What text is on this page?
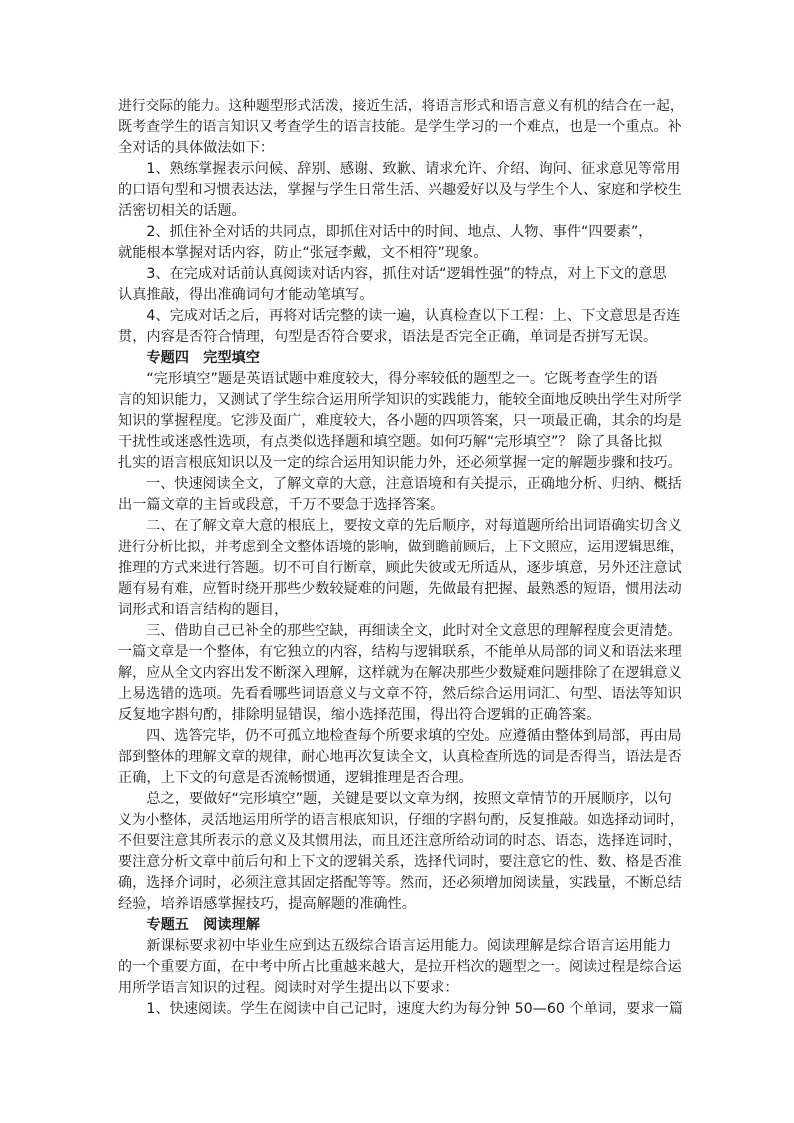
进行交际的能力。这种题型形式活泼，接近生活，将语言形式和语言意义有机的结合在一起，
既考查学生的语言知识又考查学生的语言技能。是学生学习的一个难点，也是一个重点。补
全对话的具体做法如下：
　　1、熟练掌握表示问候、辞别、感谢、致歉、请求允许、介绍、询问、征求意见等常用
的口语句型和习惯表达法，掌握与学生日常生活、兴趣爱好以及与学生个人、家庭和学校生
活密切相关的话题。
　　2、抓住补全对话的共同点，即抓住对话中的时间、地点、人物、事件“四要素”，
就能根本掌握对话内容，防止“张冠李戴，文不相符”现象。
　　3、在完成对话前认真阅读对话内容，抓住对话“逻辑性强”的特点，对上下文的意思
认真推敲，得出准确词句才能动笔填写。
　　4、完成对话之后，再将对话完整的读一遍，认真检查以下工程：上、下文意思是否连
贯，内容是否符合情理，句型是否符合要求，语法是否完全正确，单词是否拼写无误。
　　专题四　完型填空
　　“完形填空”题是英语试题中难度较大，得分率较低的题型之一。它既考查学生的语
言的知识能力，又测试了学生综合运用所学知识的实践能力，能较全面地反映出学生对所学
知识的掌握程度。它涉及面广，难度较大，各小题的四项答案，只一项最正确，其余的均是
干扰性或迷惑性选项，有点类似选择题和填空题。如何巧解“完形填空”？ 除了具备比拟
扎实的语言根底知识以及一定的综合运用知识能力外，还必须掌握一定的解题步骤和技巧。
　　一、快速阅读全文，了解文章的大意，注意语境和有关提示，正确地分析、归纳、概括
出一篇文章的主旨或段意，千万不要急于选择答案。
　　二、在了解文章大意的根底上，要按文章的先后顺序，对每道题所给出词语确实切含义
进行分析比拟，并考虑到全文整体语境的影响，做到瞻前顾后，上下文照应，运用逻辑思维，
推理的方式来进行答题。切不可自行断章，顾此失彼或无所适从，逐步填意，另外还注意试
题有易有难，应暂时绕开那些少数较疑难的问题，先做最有把握、最熟悉的短语，惯用法动
词形式和语言结构的题目，
　　三、借助自己已补全的那些空缺，再细读全文，此时对全文意思的理解程度会更清楚。
一篇文章是一个整体，有它独立的内容，结构与逻辑联系，不能单从局部的词义和语法来理
解，应从全文内容出发不断深入理解，这样就为在解决那些少数疑难问题排除了在逻辑意义
上易选错的选项。先看看哪些词语意义与文章不符，然后综合运用词汇、句型、语法等知识
反复地字斟句酌，排除明显错误，缩小选择范围，得出符合逻辑的正确答案。
　　四、选答完毕，仍不可孤立地检查每个所要求填的空处。应遵循由整体到局部，再由局
部到整体的理解文章的规律，耐心地再次复读全文，认真检查所选的词是否得当，语法是否
正确，上下文的句意是否流畅惯通，逻辑推理是否合理。
　　总之，要做好“完形填空”题，关键是要以文章为纲，按照文章情节的开展顺序，以句
义为小整体，灵活地运用所学的语言根底知识，仔细的字斟句酌，反复推敲。如选择动词时，
不但要注意其所表示的意义及其惯用法，而且还注意所给动词的时态、语态，选择连词时，
要注意分析文章中前后句和上下文的逻辑关系，选择代词时，要注意它的性、数、格是否准
确，选择介词时，必须注意其固定搭配等等。然而，还必须增加阅读量，实践量，不断总结
经验，培养语感掌握技巧，提高解题的准确性。
　　专题五　阅读理解
　　新课标要求初中毕业生应到达五级综合语言运用能力。阅读理解是综合语言运用能力
的一个重要方面，在中考中所占比重越来越大，是拉开档次的题型之一。阅读过程是综合运
用所学语言知识的过程。阅读时对学生提出以下要求：
　　1、快速阅读。学生在阅读中自己记时，速度大约为每分钟 50—60 个单词，要求一篇
